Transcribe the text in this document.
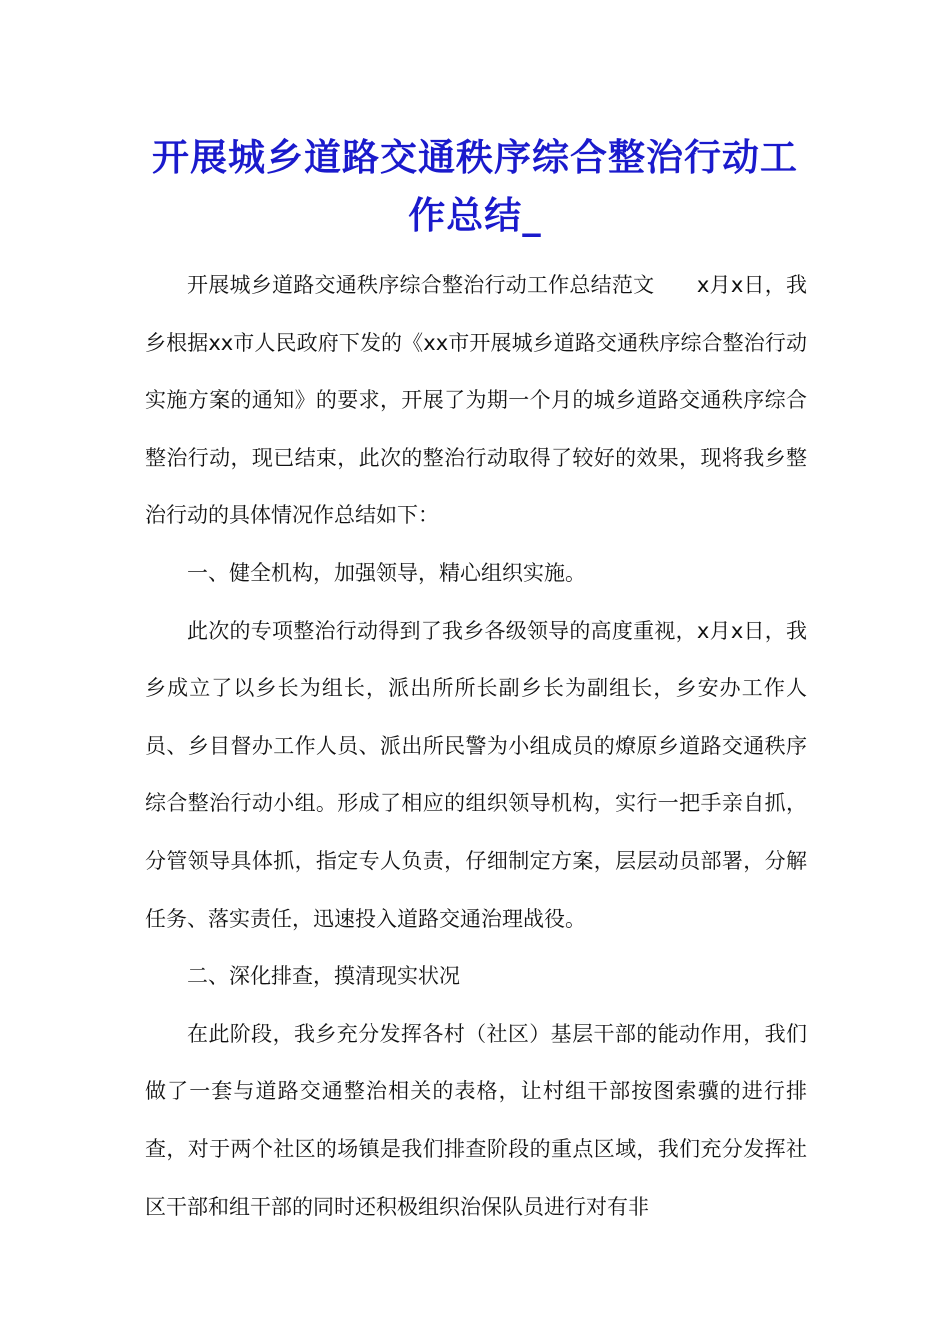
开展城乡道路交通秩序综合整治行动工作总结_

开展城乡道路交通秩序综合整治行动工作总结范文　　x月x日，我乡根据xx市人民政府下发的《xx市开展城乡道路交通秩序综合整治行动实施方案的通知》的要求，开展了为期一个月的城乡道路交通秩序综合整治行动，现已结束，此次的整治行动取得了较好的效果，现将我乡整治行动的具体情况作总结如下：

一、健全机构，加强领导，精心组织实施。

此次的专项整治行动得到了我乡各级领导的高度重视，x月x日，我乡成立了以乡长为组长，派出所所长副乡长为副组长，乡安办工作人员、乡目督办工作人员、派出所民警为小组成员的燎原乡道路交通秩序综合整治行动小组。形成了相应的组织领导机构，实行一把手亲自抓，分管领导具体抓，指定专人负责，仔细制定方案，层层动员部署，分解任务、落实责任，迅速投入道路交通治理战役。

二、深化排查，摸清现实状况

在此阶段，我乡充分发挥各村（社区）基层干部的能动作用，我们做了一套与道路交通整治相关的表格，让村组干部按图索骥的进行排查，对于两个社区的场镇是我们排查阶段的重点区域，我们充分发挥社区干部和组干部的同时还积极组织治保队员进行对有非
